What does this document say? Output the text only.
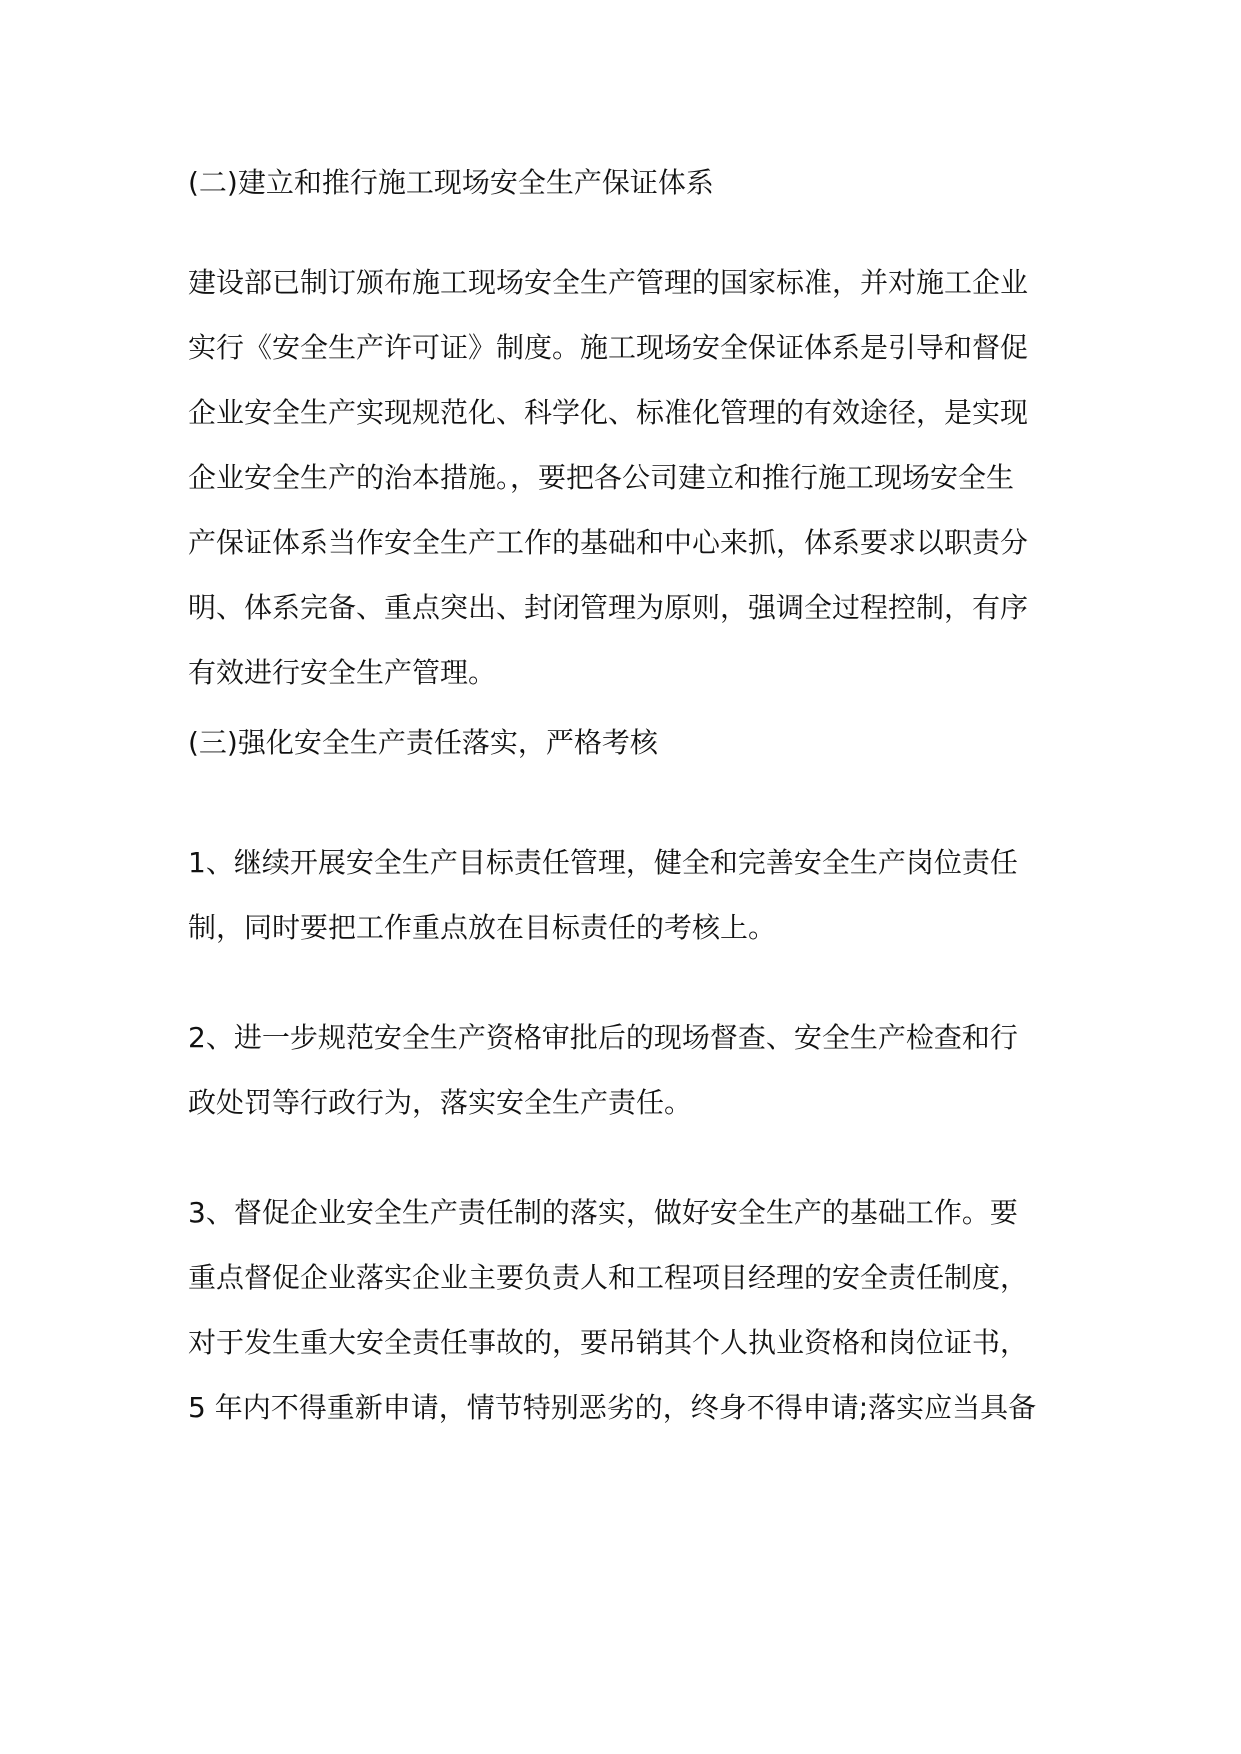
(二)建立和推行施工现场安全生产保证体系
建设部已制订颁布施工现场安全生产管理的国家标准，并对施工企业
实行《安全生产许可证》制度。施工现场安全保证体系是引导和督促
企业安全生产实现规范化、科学化、标准化管理的有效途径，是实现
企业安全生产的治本措施。，要把各公司建立和推行施工现场安全生
产保证体系当作安全生产工作的基础和中心来抓，体系要求以职责分
明、体系完备、重点突出、封闭管理为原则，强调全过程控制，有序
有效进行安全生产管理。
(三)强化安全生产责任落实，严格考核
1、继续开展安全生产目标责任管理，健全和完善安全生产岗位责任
制，同时要把工作重点放在目标责任的考核上。
2、进一步规范安全生产资格审批后的现场督查、安全生产检查和行
政处罚等行政行为，落实安全生产责任。
3、督促企业安全生产责任制的落实，做好安全生产的基础工作。要
重点督促企业落实企业主要负责人和工程项目经理的安全责任制度，
对于发生重大安全责任事故的，要吊销其个人执业资格和岗位证书，
5 年内不得重新申请，情节特别恶劣的，终身不得申请;落实应当具备
